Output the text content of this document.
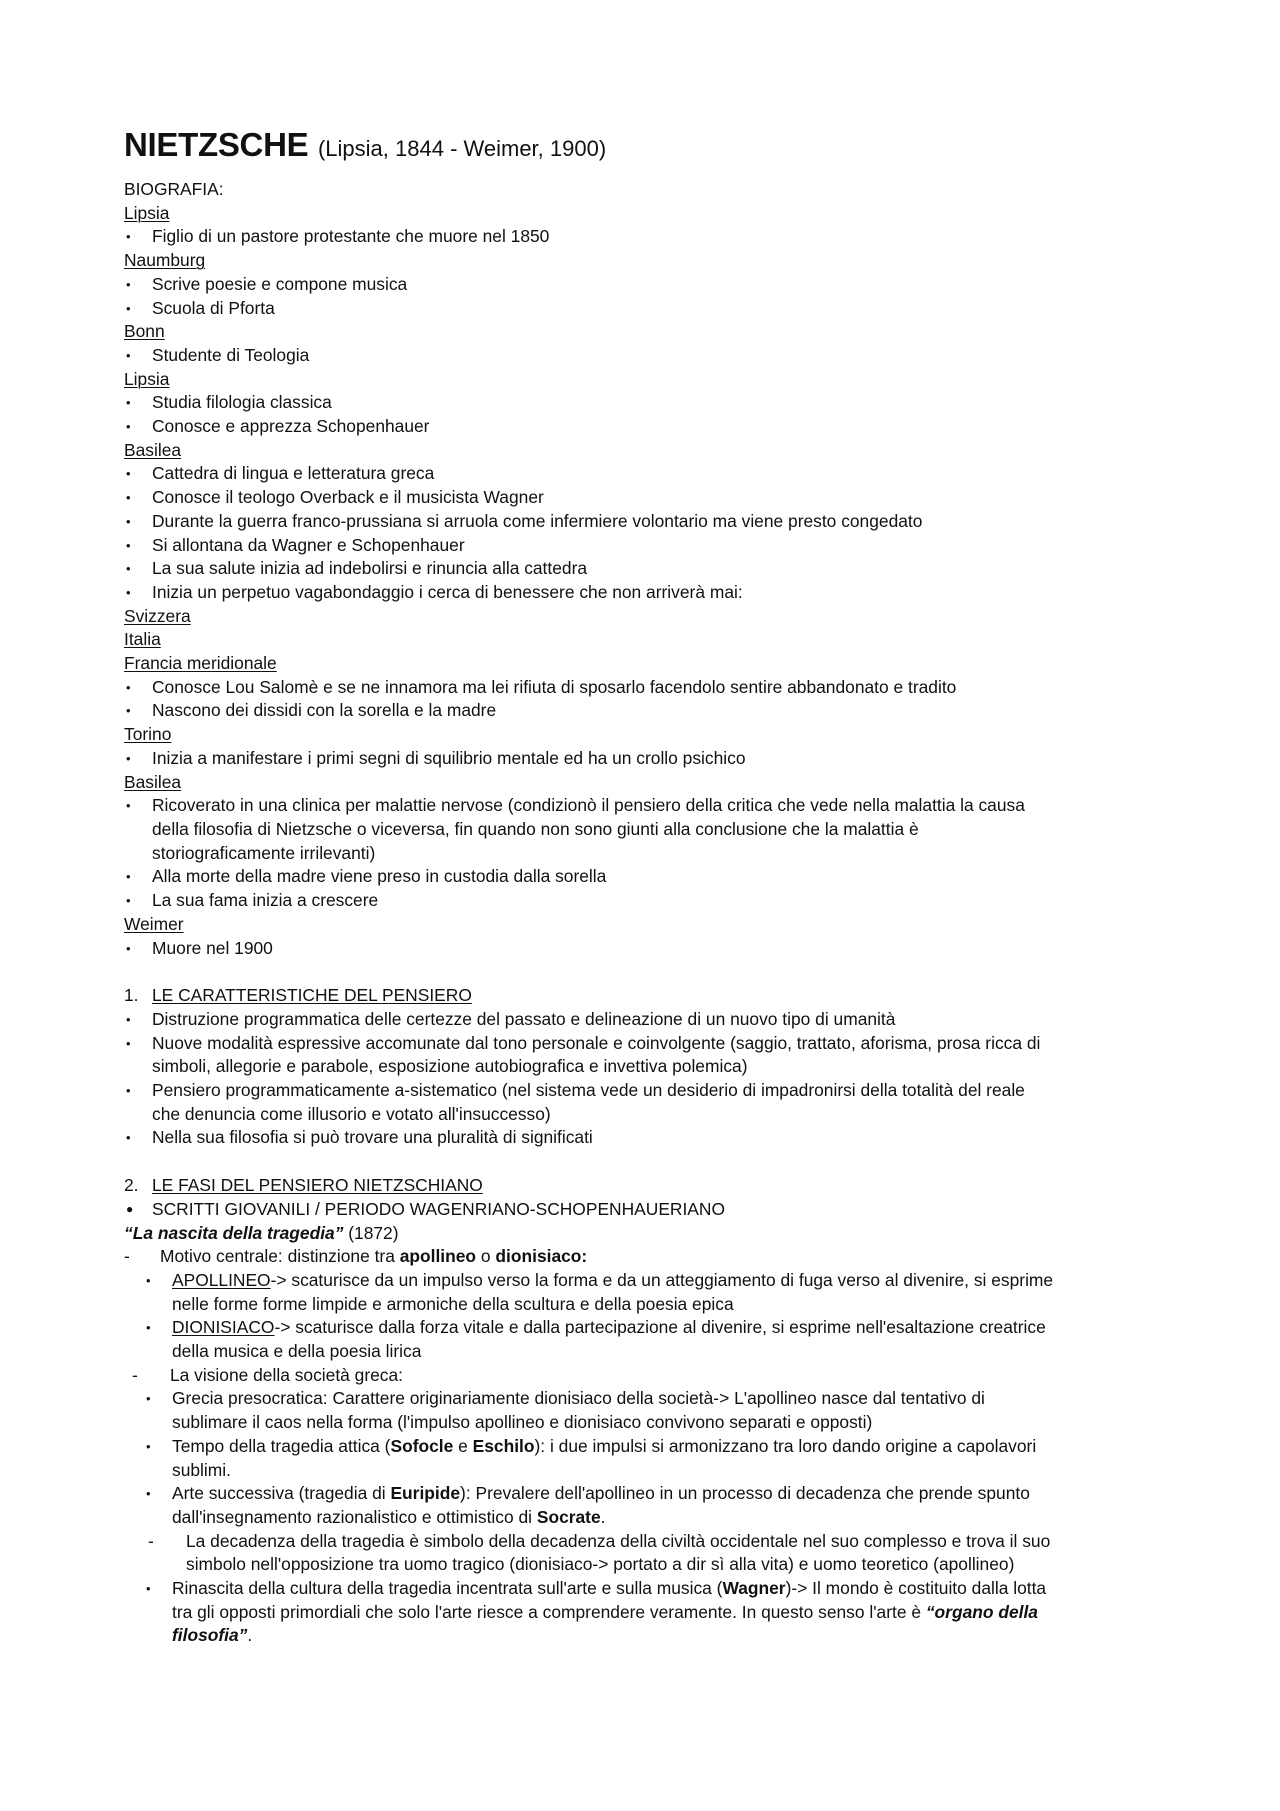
NIETZSCHE (Lipsia, 1844 - Weimer, 1900)

BIOGRAFIA:

Lipsia

• Figlio di un pastore protestante che muore nel 1850

Naumburg

• Scrive poesie e compone musica

• Scuola di Pforta

Bonn

• Studente di Teologia

Lipsia

• Studia filologia classica

• Conosce e apprezza Schopenhauer

Basilea

• Cattedra di lingua e letteratura greca

• Conosce il teologo Overback e il musicista Wagner

• Durante la guerra franco-prussiana si arruola come infermiere volontario ma viene presto congedato

• Si allontana da Wagner e Schopenhauer

• La sua salute inizia ad indebolirsi e rinuncia alla cattedra

• Inizia un perpetuo vagabondaggio i cerca di benessere che non arriverà mai:

Svizzera

Italia

Francia meridionale

• Conosce Lou Salomè e se ne innamora ma lei rifiuta di sposarlo facendolo sentire abbandonato e tradito

• Nascono dei dissidi con la sorella e la madre

Torino

• Inizia a manifestare i primi segni di squilibrio mentale ed ha un crollo psichico

Basilea

• Ricoverato in una clinica per malattie nervose (condizionò il pensiero della critica che vede nella malattia la causa

della filosofia di Nietzsche o viceversa, fin quando non sono giunti alla conclusione che la malattia è

storiograficamente irrilevanti)

• Alla morte della madre viene preso in custodia dalla sorella

• La sua fama inizia a crescere

Weimer

• Muore nel 1900

1. LE CARATTERISTICHE DEL PENSIERO

• Distruzione programmatica delle certezze del passato e delineazione di un nuovo tipo di umanità

• Nuove modalità espressive accomunate dal tono personale e coinvolgente (saggio, trattato, aforisma, prosa ricca di

simboli, allegorie e parabole, esposizione autobiografica e invettiva polemica)

• Pensiero programmaticamente a-sistematico (nel sistema vede un desiderio di impadronirsi della totalità del reale

che denuncia come illusorio e votato all'insuccesso)

• Nella sua filosofia si può trovare una pluralità di significati

2. LE FASI DEL PENSIERO NIETZSCHIANO

● SCRITTI GIOVANILI / PERIODO WAGENRIANO-SCHOPENHAUERIANO

“La nascita della tragedia” (1872)

- Motivo centrale: distinzione tra apollineo o dionisiaco:

• APOLLINEO-> scaturisce da un impulso verso la forma e da un atteggiamento di fuga verso al divenire, si esprime

nelle forme forme limpide e armoniche della scultura e della poesia epica

• DIONISIACO-> scaturisce dalla forza vitale e dalla partecipazione al divenire, si esprime nell'esaltazione creatrice

della musica e della poesia lirica

- La visione della società greca:

• Grecia presocratica: Carattere originariamente dionisiaco della società-> L'apollineo nasce dal tentativo di

sublimare il caos nella forma (l'impulso apollineo e dionisiaco convivono separati e opposti)

• Tempo della tragedia attica (Sofocle e Eschilo): i due impulsi si armonizzano tra loro dando origine a capolavori

sublimi.

• Arte successiva (tragedia di Euripide): Prevalere dell'apollineo in un processo di decadenza che prende spunto

dall'insegnamento razionalistico e ottimistico di Socrate.

- La decadenza della tragedia è simbolo della decadenza della civiltà occidentale nel suo complesso e trova il suo

simbolo nell'opposizione tra uomo tragico (dionisiaco-> portato a dir sì alla vita) e uomo teoretico (apollineo)

• Rinascita della cultura della tragedia incentrata sull'arte e sulla musica (Wagner)-> Il mondo è costituito dalla lotta

tra gli opposti primordiali che solo l'arte riesce a comprendere veramente. In questo senso l'arte è “organo della

filosofia”.
